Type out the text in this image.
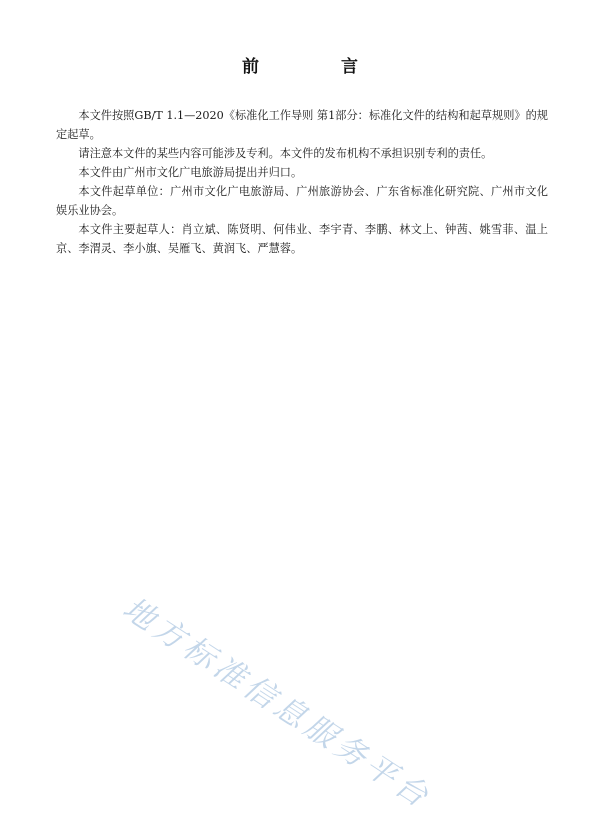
前 言

本文件按照GB/T 1.1—2020《标准化工作导则 第1部分：标准化文件的结构和起草规则》的规定起草。

请注意本文件的某些内容可能涉及专利。本文件的发布机构不承担识别专利的责任。

本文件由广州市文化广电旅游局提出并归口。

本文件起草单位：广州市文化广电旅游局、广州旅游协会、广东省标准化研究院、广州市文化娱乐业协会。

本文件主要起草人：肖立斌、陈贤明、何伟业、李宇青、李鹏、林文上、钟茜、姚雪菲、温上京、李渭灵、李小旗、吴雁飞、黄润飞、严慧蓉。

地方标准信息服务平台
